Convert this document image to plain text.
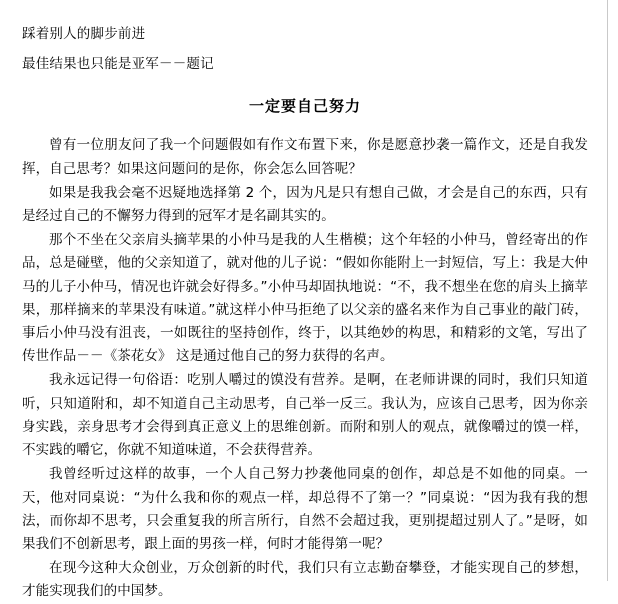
踩着别人的脚步前进

最佳结果也只能是亚军－－题记

一定要自己努力

曾有一位朋友问了我一个问题假如有作文布置下来，你是愿意抄袭一篇作文，还是自我发挥，自己思考？如果这问题问的是你，你会怎么回答呢？

如果是我我会毫不迟疑地选择第 2 个，因为凡是只有想自己做，才会是自己的东西，只有是经过自己的不懈努力得到的冠军才是名副其实的。

那个不坐在父亲肩头摘苹果的小仲马是我的人生楷模；这个年轻的小仲马，曾经寄出的作品，总是碰壁，他的父亲知道了，就对他的儿子说：“假如你能附上一封短信，写上：我是大仲马的儿子小仲马，情况也许就会好得多。”小仲马却固执地说：“不，我不想坐在您的肩头上摘苹果，那样摘来的苹果没有味道。”就这样小仲马拒绝了以父亲的盛名来作为自己事业的敲门砖，事后小仲马没有沮丧，一如既往的坚持创作，终于，以其绝妙的构思，和精彩的文笔，写出了传世作品－－《茶花女》 这是通过他自己的努力获得的名声。

我永远记得一句俗语：吃别人嚼过的馍没有营养。是啊，在老师讲课的同时，我们只知道听，只知道附和，却不知道自己主动思考，自己举一反三。我认为，应该自己思考，因为你亲身实践，亲身思考才会得到真正意义上的思维创新。而附和别人的观点，就像嚼过的馍一样，不实践的嚼它，你就不知道味道，不会获得营养。

我曾经听过这样的故事，一个人自己努力抄袭他同桌的创作，却总是不如他的同桌。一天，他对同桌说：“为什么我和你的观点一样，却总得不了第一？”同桌说：“因为我有我的想法，而你却不思考，只会重复我的所言所行，自然不会超过我，更别提超过别人了。”是呀，如果我们不创新思考，跟上面的男孩一样，何时才能得第一呢？

在现今这种大众创业，万众创新的时代，我们只有立志勤奋攀登，才能实现自己的梦想，才能实现我们的中国梦。
